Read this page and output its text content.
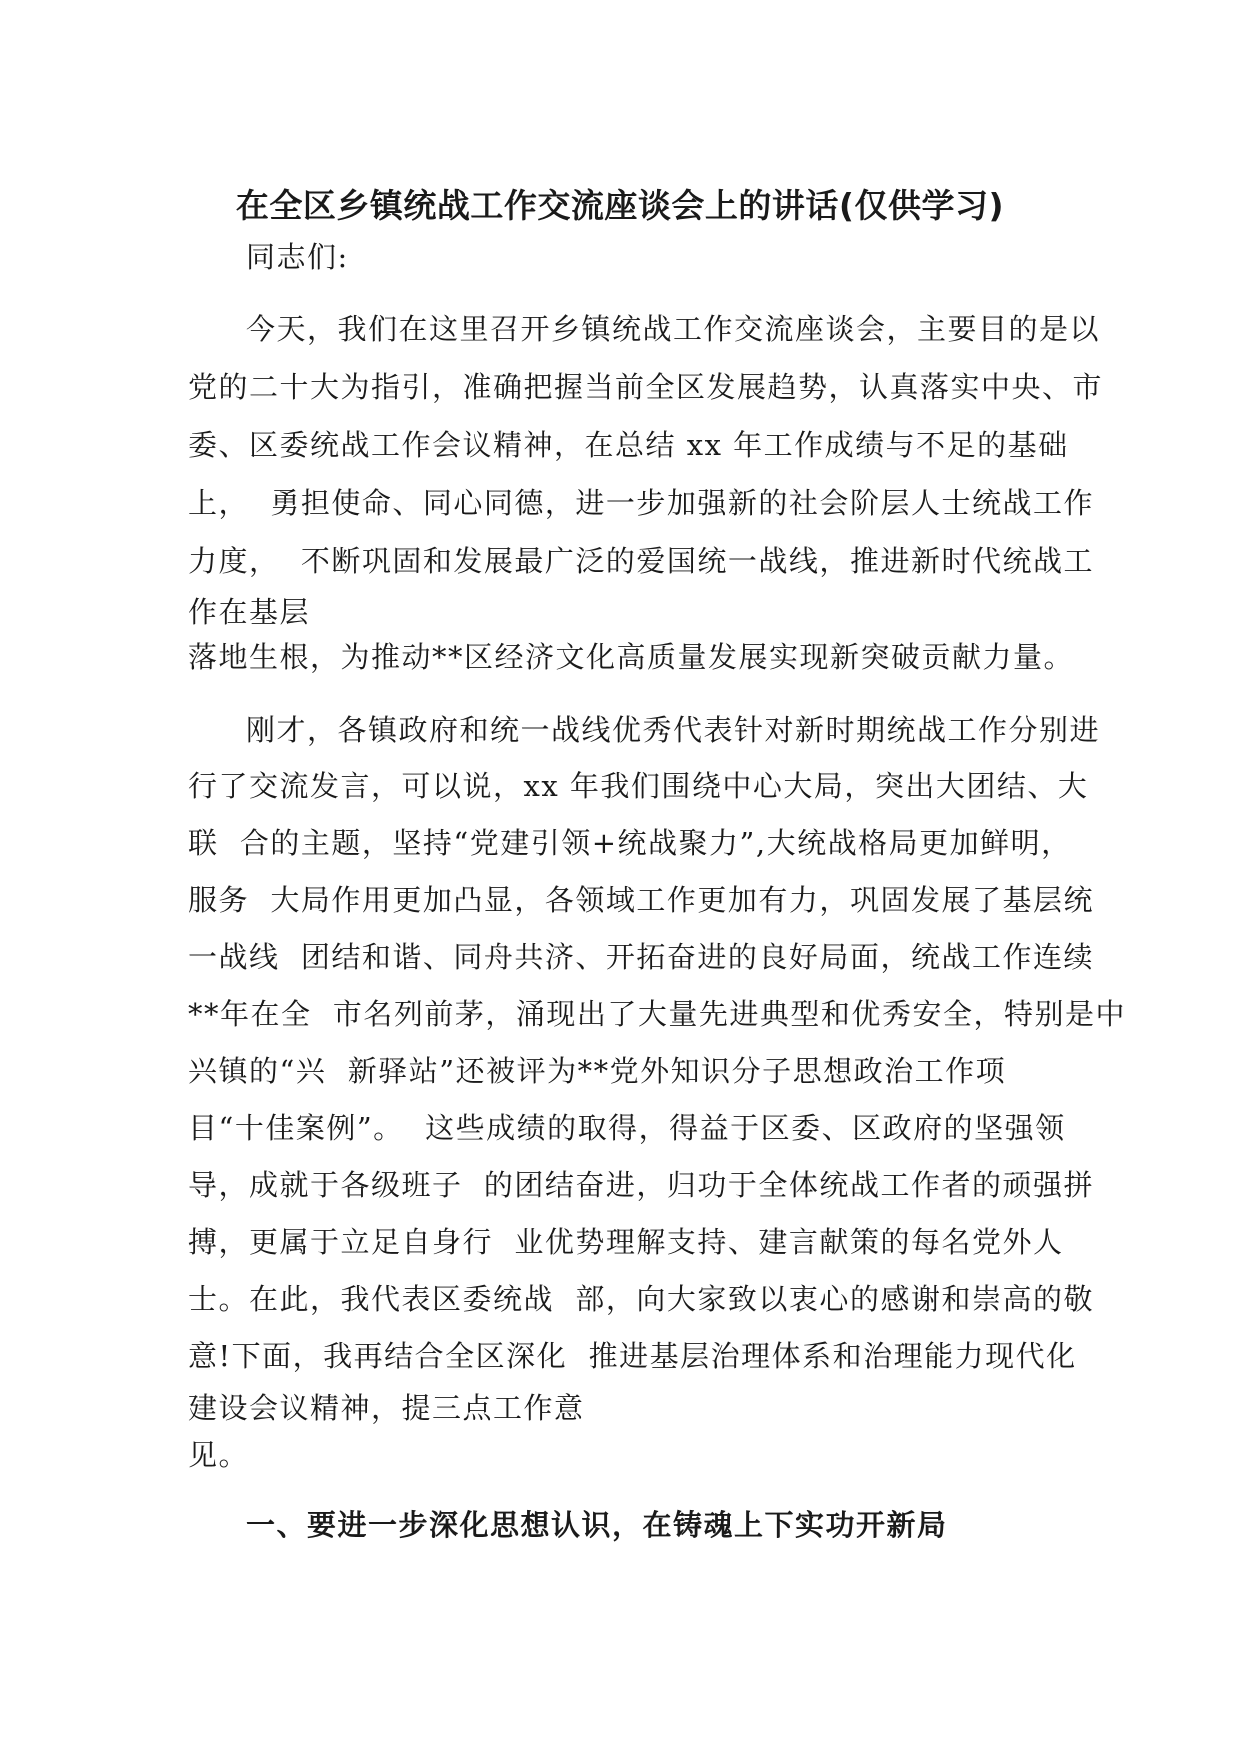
在全区乡镇统战工作交流座谈会上的讲话(仅供学习)

同志们:

今天，我们在这里召开乡镇统战工作交流座谈会，主要目的是以

党的二十大为指引，准确把握当前全区发展趋势，认真落实中央、市

委、区委统战工作会议精神，在总结 xx 年工作成绩与不足的基础

上，  勇担使命、同心同德，进一步加强新的社会阶层人士统战工作

力度，  不断巩固和发展最广泛的爱国统一战线，推进新时代统战工

作在基层

落地生根，为推动**区经济文化高质量发展实现新突破贡献力量。

刚才，各镇政府和统一战线优秀代表针对新时期统战工作分别进

行了交流发言，可以说，xx 年我们围绕中心大局，突出大团结、大

联  合的主题，坚持“党建引领+统战聚力”,大统战格局更加鲜明，

服务  大局作用更加凸显，各领域工作更加有力，巩固发展了基层统

一战线  团结和谐、同舟共济、开拓奋进的良好局面，统战工作连续

**年在全  市名列前茅，涌现出了大量先进典型和优秀安全，特别是中

兴镇的“兴  新驿站”还被评为**党外知识分子思想政治工作项

目“十佳案例”。  这些成绩的取得，得益于区委、区政府的坚强领

导，成就于各级班子  的团结奋进，归功于全体统战工作者的顽强拼

搏，更属于立足自身行  业优势理解支持、建言献策的每名党外人

士。在此，我代表区委统战  部，向大家致以衷心的感谢和崇高的敬

意!下面，我再结合全区深化  推进基层治理体系和治理能力现代化

建设会议精神，提三点工作意

见。

一、要进一步深化思想认识，在铸魂上下实功开新局
